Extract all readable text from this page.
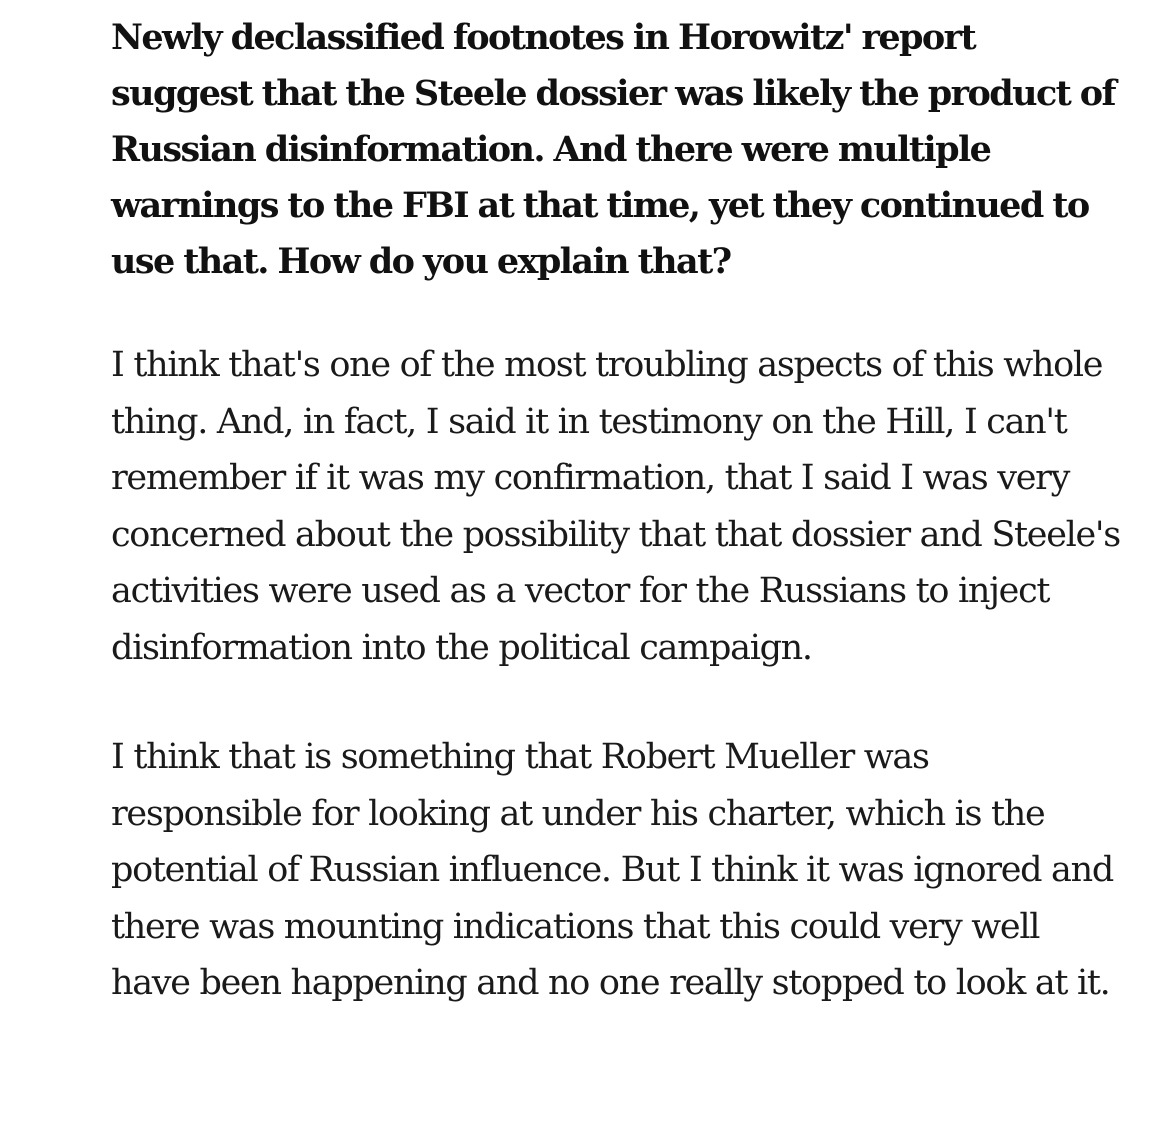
Newly declassified footnotes in Horowitz' report suggest that the Steele dossier was likely the product of Russian disinformation. And there were multiple warnings to the FBI at that time, yet they continued to use that. How do you explain that?

I think that's one of the most troubling aspects of this whole thing. And, in fact, I said it in testimony on the Hill, I can't remember if it was my confirmation, that I said I was very concerned about the possibility that that dossier and Steele's activities were used as a vector for the Russians to inject disinformation into the political campaign.

I think that is something that Robert Mueller was responsible for looking at under his charter, which is the potential of Russian influence. But I think it was ignored and there was mounting indications that this could very well have been happening and no one really stopped to look at it.
